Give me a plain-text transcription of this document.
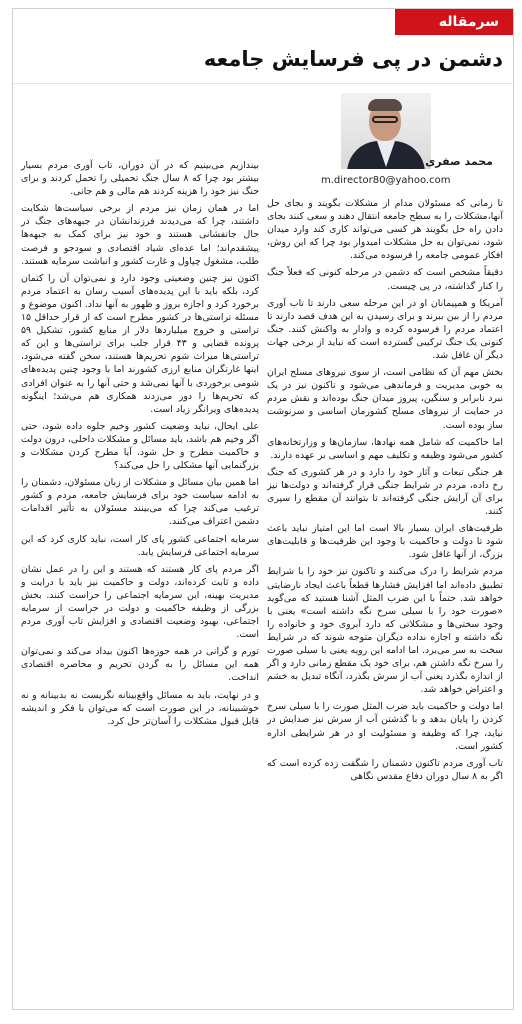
سرمقاله
دشمن در پی فرسایش جامعه
محمد صفری
m.director80@yahoo.com

تا زمانی که مسئولان مدام از مشکلات بگویند و بجای حل آنها،مشکلات را به سطح جامعه انتقال دهند و سعی کنند بجای دادن راه حل بگویند هر کسی می‌تواند کاری کند وارد میدان شود، نمی‌توان به حل مشکلات امیدوار بود چرا که این روش، افکار عمومی جامعه را فرسوده می‌کند.

دقیقاً مشخص است که دشمن در مرحله کنونی که فعلاً جنگ را کنار گذاشته، در پی چیست.

آمریکا و همپیمانان او در این مرحله سعی دارند تا تاب آوری مردم را از بین ببرند و برای رسیدن به این هدف قصد دارند تا اعتماد مردم را فرسوده کرده و وادار به واکنش کنند. جنگ کنونی یک جنگ ترکیبی گسترده است که نباید از برخی جهات دیگر آن غافل شد.

بخش مهم آن که نظامی است، از سوی نیروهای مسلح ایران به خوبی مدیریت و فرماندهی می‌شود و تاکنون نیز در یک نبرد نابرابر و سنگین، پیروز میدان جنگ بوده‌اند و نقش مردم در حمایت از نیروهای مسلح کشورمان اساسی و سرنوشت ساز بوده است.

اما حاکمیت که شامل همه نهادها، سازمان‌ها و وزارتخانه‌های کشور می‌شود وظیفه و تکلیف مهم و اساسی بر عهده دارند.

هر جنگی تبعات و آثار خود را دارد و در هر کشوری که جنگ رخ داده، مردم در شرایط جنگی قرار گرفته‌اند و دولت‌ها نیز برای آن آرایش جنگی گرفته‌اند تا بتوانند آن مقطع را سپری کنند.

ظرفیت‌های ایران بسیار بالا است اما این امتیاز نباید باعث شود تا دولت و حاکمیت با وجود این ظرفیت‌ها و قابلیت‌های بزرگ، از آنها غافل شود.

مردم شرایط را درک می‌کنند و تاکنون نیز خود را با شرایط تطبیق داده‌اند اما افزایش فشارها قطعاً باعث ایجاد نارضایتی خواهد شد. حتماً با این ضرب المثل آشنا هستید که می‌گوید «صورت خود را با سیلی سرخ نگه داشته است» یعنی با وجود سختی‌ها و مشکلاتی که دارد آبروی خود و خانواده را نگه داشته و اجازه نداده دیگران متوجه شوند که در شرایط سخت به سر می‌برد. اما ادامه این رویه یعنی با سیلی صورت را سرخ نگه داشتن هم، برای خود یک مقطع زمانی دارد و اگر از اندازه بگذرد یعنی آب از سرش بگذرد، آنگاه تبدیل به خشم و اعتراض خواهد شد.

اما دولت و حاکمیت باید ضرب المثل صورت را با سیلی سرخ کردن را پایان بدهد و با گذشتن آب از سرش نیز صدایش در نیاید، چرا که وظیفه و مسئولیت او در هر شرایطی اداره کشور است.

تاب آوری مردم تاکنون دشمنان را شگفت زده کرده است که اگر به ۸ سال دوران دفاع مقدس نگاهی

بیندازیم می‌بینیم که در آن دوران، تاب آوری مردم بسیار بیشتر بود چرا که ۸ سال جنگ تحمیلی را تحمل کردند و برای جنگ نیز خود را هزینه کردند هم مالی و هم جانی.

اما در همان زمان نیز مردم از برخی سیاست‌ها شکایت داشتند، چرا که می‌دیدند فرزندانشان در جبهه‌های جنگ در حال جانفشانی هستند و خود نیز برای کمک به جبهه‌ها پیشقدم‌اند؛ اما عده‌ای شیاد اقتصادی و سودجو و فرصت طلب، مشغول چپاول و غارت کشور و انباشت سرمایه هستند.

اکنون نیز چنین وضعیتی وجود دارد و نمی‌توان آن را کتمان کرد، بلکه باید با این پدیده‌های آسیب رسان به اعتماد مردم برخورد کرد و اجازه بروز و ظهور به آنها نداد. اکنون موضوع و مسئله تراستی‌ها در کشور مطرح است که از قرار حداقل ۱۵ تراستی و خروج میلیاردها دلار از منابع کشور، تشکیل ۵۹ پرونده قضایی و ۴۳ قرار جلب برای تراستی‌ها و این که تراستی‌ها میراث شوم تحریم‌ها هستند، سخن گفته می‌شود، اینها غارتگران منابع ارزی کشورند اما با وجود چنین پدیده‌های شومی برخوردی با آنها نمی‌شد و حتی آنها را به عنوان افرادی که تحریم‌ها را دور می‌زدند همکاری هم می‌شد؛ اینگونه پدیده‌های ویرانگر زیاد است.

علی ایحال، نباید وضعیت کشور وخیم جلوه داده شود، حتی اگر وخیم هم باشد، باید مسائل و مشکلات داخلی، درون دولت و حاکمیت مطرح و حل شود. آیا مطرح کردن مشکلات و بزرگنمایی آنها مشکلی را حل می‌کند؟

اما همین بیان مسائل و مشکلات از زبان مسئولان، دشمنان را به ادامه سیاست خود برای فرسایش جامعه، مردم و کشور ترغیب می‌کند چرا که می‌بینند مسئولان به تأثیر اقدامات دشمن اعتراف می‌کنند.

سرمایه اجتماعی کشور پای کار است، نباید کاری کرد که این سرمایه اجتماعی فرسایش یابد.

اگر مردم پای کار هستند که هستند و این را در عمل نشان داده و ثابت کرده‌اند، دولت و حاکمیت نیز باید با درایت و مدیریت بهینه، این سرمایه اجتماعی را حراست کنند. بخش بزرگی از وظیفه حاکمیت و دولت در حراست از سرمایه اجتماعی، بهبود وضعیت اقتصادی و افزایش تاب آوری مردم است.

تورم و گرانی در همه حوزه‌ها اکنون بیداد می‌کند و نمی‌توان همه این مسائل را به گردن تحریم و محاصره اقتصادی انداخت.

و در نهایت، باید به مسائل واقع‌بینانه نگریست نه بدبینانه و نه خوشبینانه، در این صورت است که می‌توان با فکر و اندیشه قابل قبول مشکلات را آسان‌تر حل کرد.
